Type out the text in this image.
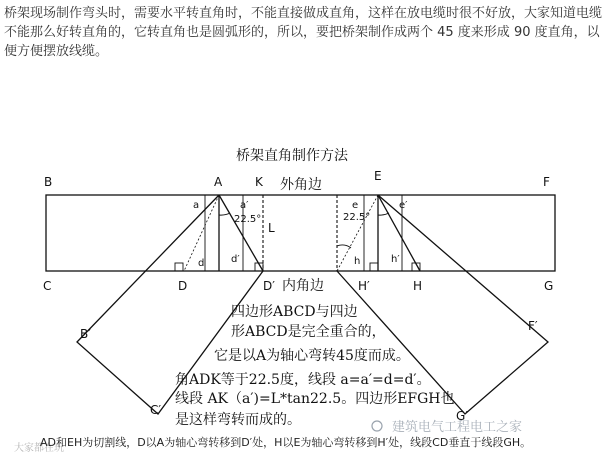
桥架现场制作弯头时，需要水平转直角时，不能直接做成直角，这样在放电缆时很不好放，大家知道电缆不能那么好转直角的，它转直角也是圆弧形的，所以，要把桥架制作成两个 45 度来形成 90 度直角，以便方便摆放线缆。

桥架直角制作方法
B	A	K	E	F
C	D	D′	H′	H	G
L
B′
C′
F′
G′
a	a′
d	d′
e	e′
h	h′
22.5°	22.5°
外角边
内角边
四边形ABCD与四边
形ABCD是完全重合的，
它是以A为轴心弯转45度而成。
角ADK等于22.5度，线段 a=a′=d=d′。
线段 AK（a′)=L*tan22.5。四边形EFGH也
是这样弯转而成的。	建筑电气工程电工之家
大家都在玩
AD和EH为切割线，D以A为轴心弯转移到D′处，H以E为轴心弯转移到H′处，线段CD垂直于线段GH。
